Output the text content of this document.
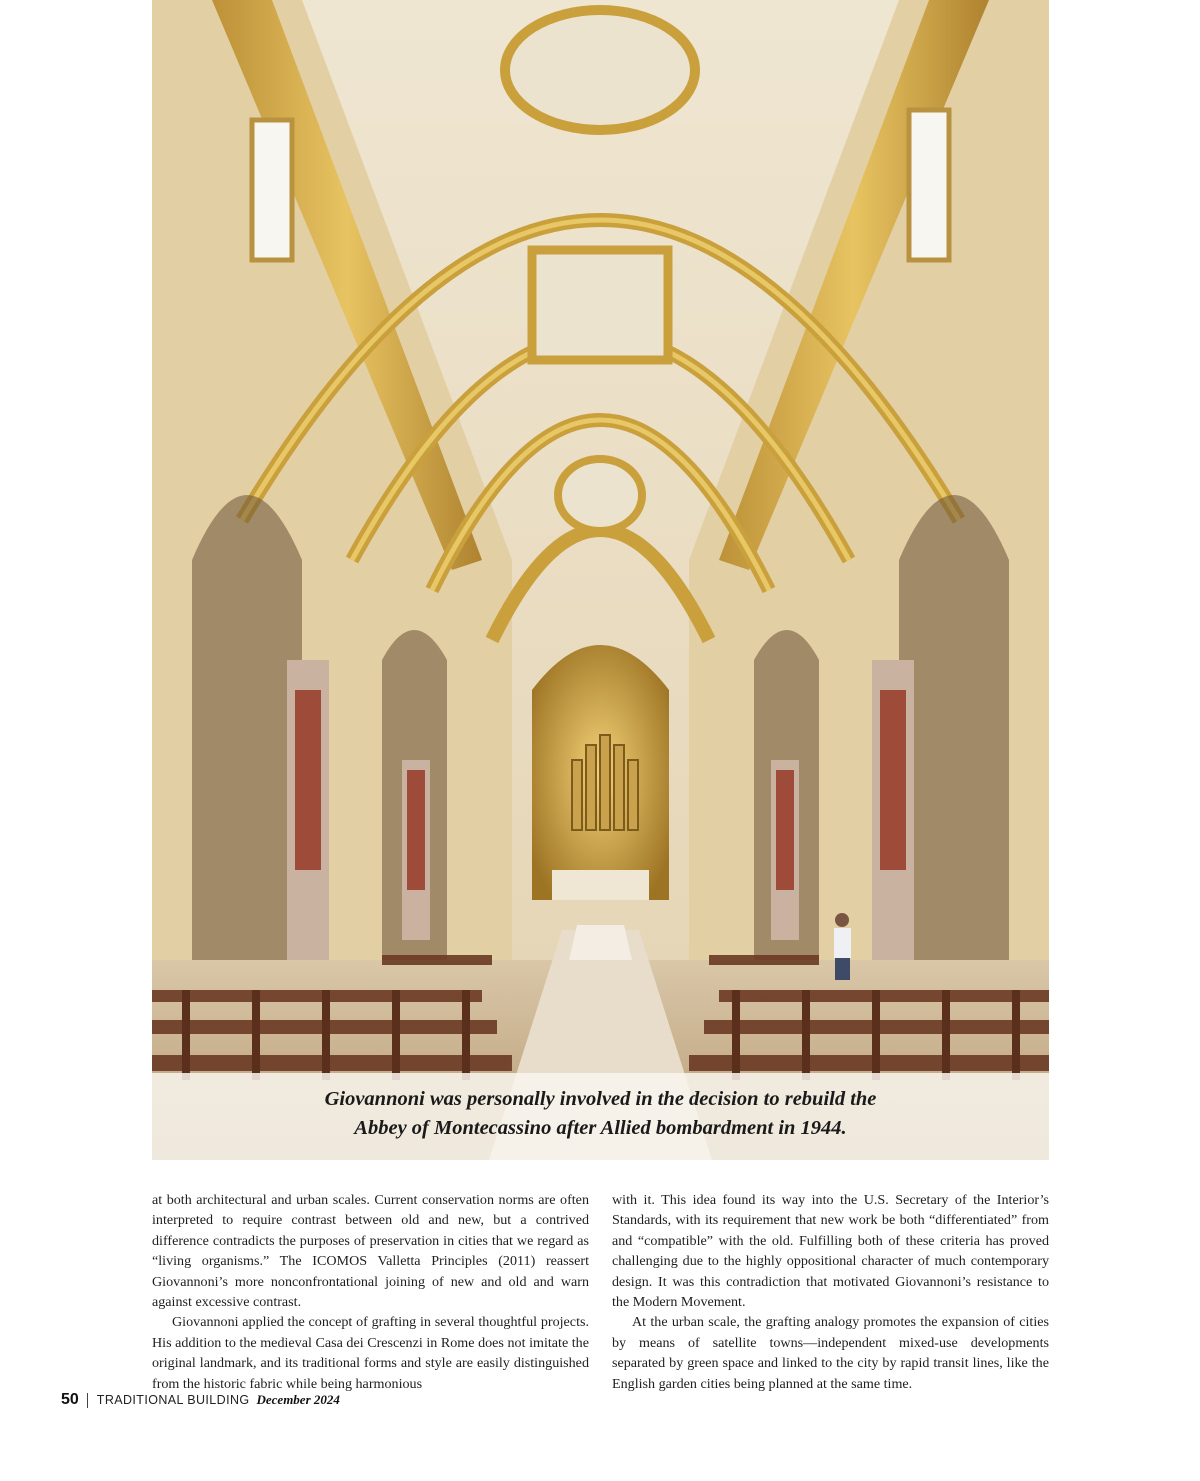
Giovannoni was personally involved in the decision to rebuild the
Abbey of Montecassino after Allied bombardment in 1944.

at both architectural and urban scales. Current conservation norms are often interpreted to require contrast between old and new, but a contrived difference contradicts the purposes of preservation in cities that we regard as “living organisms.” The ICOMOS Valletta Principles (2011) reassert Giovannoni’s more nonconfrontational joining of new and old and warn against excessive contrast.

Giovannoni applied the concept of grafting in several thoughtful projects. His addition to the medieval Casa dei Crescenzi in Rome does not imitate the original landmark, and its traditional forms and style are easily distinguished from the historic fabric while being harmonious

with it. This idea found its way into the U.S. Secretary of the Interior’s Standards, with its requirement that new work be both “differentiated” from and “compatible” with the old. Fulfilling both of these criteria has proved challenging due to the highly oppositional character of much contemporary design. It was this contradiction that motivated Giovannoni’s resistance to the Modern Movement.

At the urban scale, the grafting analogy promotes the expansion of cities by means of satellite towns—independent mixed-use developments separated by green space and linked to the city by rapid transit lines, like the English garden cities being planned at the same time.

50 TRADITIONAL BUILDING December 2024
